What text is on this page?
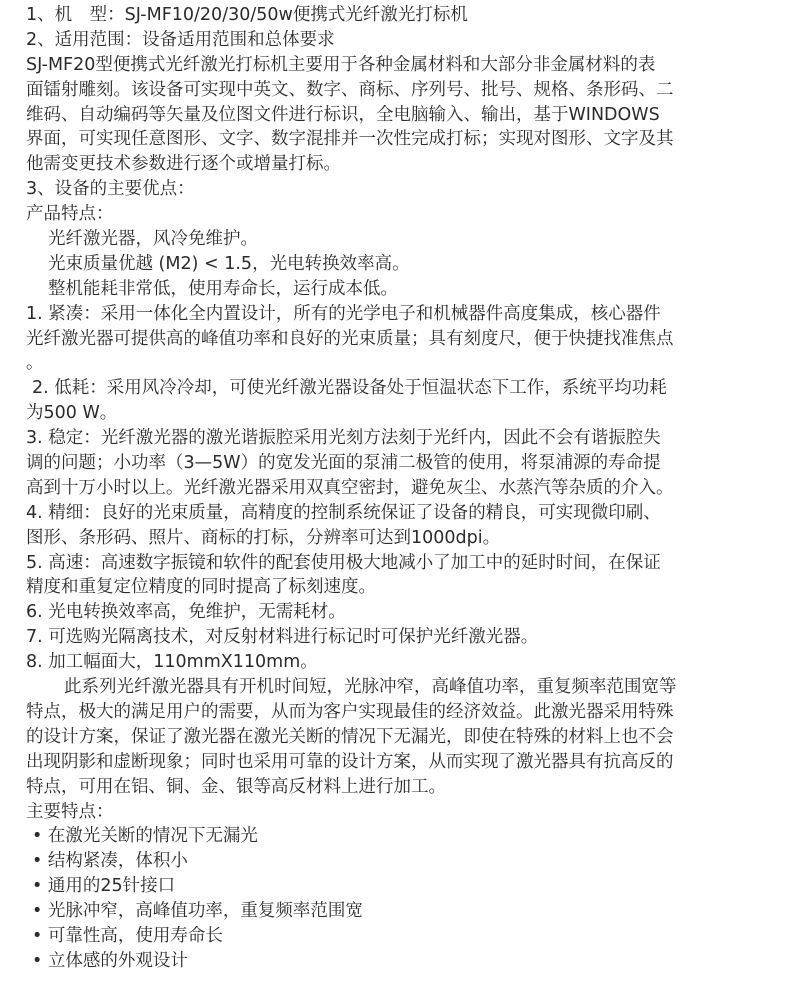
1、机　型：SJ-MF10/20/30/50w便携式光纤激光打标机
2、适用范围：设备适用范围和总体要求
SJ-MF20型便携式光纤激光打标机主要用于各种金属材料和大部分非金属材料的表
面镭射雕刻。该设备可实现中英文、数字、商标、序列号、批号、规格、条形码、二
维码、自动编码等矢量及位图文件进行标识，全电脑输入、输出，基于WINDOWS
界面，可实现任意图形、文字、数字混排并一次性完成打标；实现对图形、文字及其
他需变更技术参数进行逐个或增量打标。
3、设备的主要优点：
产品特点：
光纤激光器，风冷免维护。
光束质量优越 (M2) < 1.5，光电转换效率高。
整机能耗非常低，使用寿命长，运行成本低。
1. 紧凑：采用一体化全内置设计，所有的光学电子和机械器件高度集成，核心器件
光纤激光器可提供高的峰值功率和良好的光束质量；具有刻度尺，便于快捷找准焦点
。
2. 低耗：采用风冷冷却，可使光纤激光器设备处于恒温状态下工作，系统平均功耗
为500 W。
3. 稳定：光纤激光器的激光谐振腔采用光刻方法刻于光纤内，因此不会有谐振腔失
调的问题；小功率（3—5W）的宽发光面的泵浦二极管的使用，将泵浦源的寿命提
高到十万小时以上。光纤激光器采用双真空密封，避免灰尘、水蒸汽等杂质的介入。
4. 精细：良好的光束质量，高精度的控制系统保证了设备的精良，可实现微印刷、
图形、条形码、照片、商标的打标，分辨率可达到1000dpi。
5. 高速：高速数字振镜和软件的配套使用极大地减小了加工中的延时时间，在保证
精度和重复定位精度的同时提高了标刻速度。
6. 光电转换效率高，免维护，无需耗材。
7. 可选购光隔离技术，对反射材料进行标记时可保护光纤激光器。
8. 加工幅面大，110mmX110mm。
此系列光纤激光器具有开机时间短，光脉冲窄，高峰值功率，重复频率范围宽等
特点，极大的满足用户的需要，从而为客户实现最佳的经济效益。此激光器采用特殊
的设计方案，保证了激光器在激光关断的情况下无漏光，即使在特殊的材料上也不会
出现阴影和虚断现象；同时也采用可靠的设计方案，从而实现了激光器具有抗高反的
特点，可用在铝、铜、金、银等高反材料上进行加工。
主要特点：
• 在激光关断的情况下无漏光
• 结构紧凑，体积小
• 通用的25针接口
• 光脉冲窄，高峰值功率，重复频率范围宽
• 可靠性高，使用寿命长
• 立体感的外观设计
